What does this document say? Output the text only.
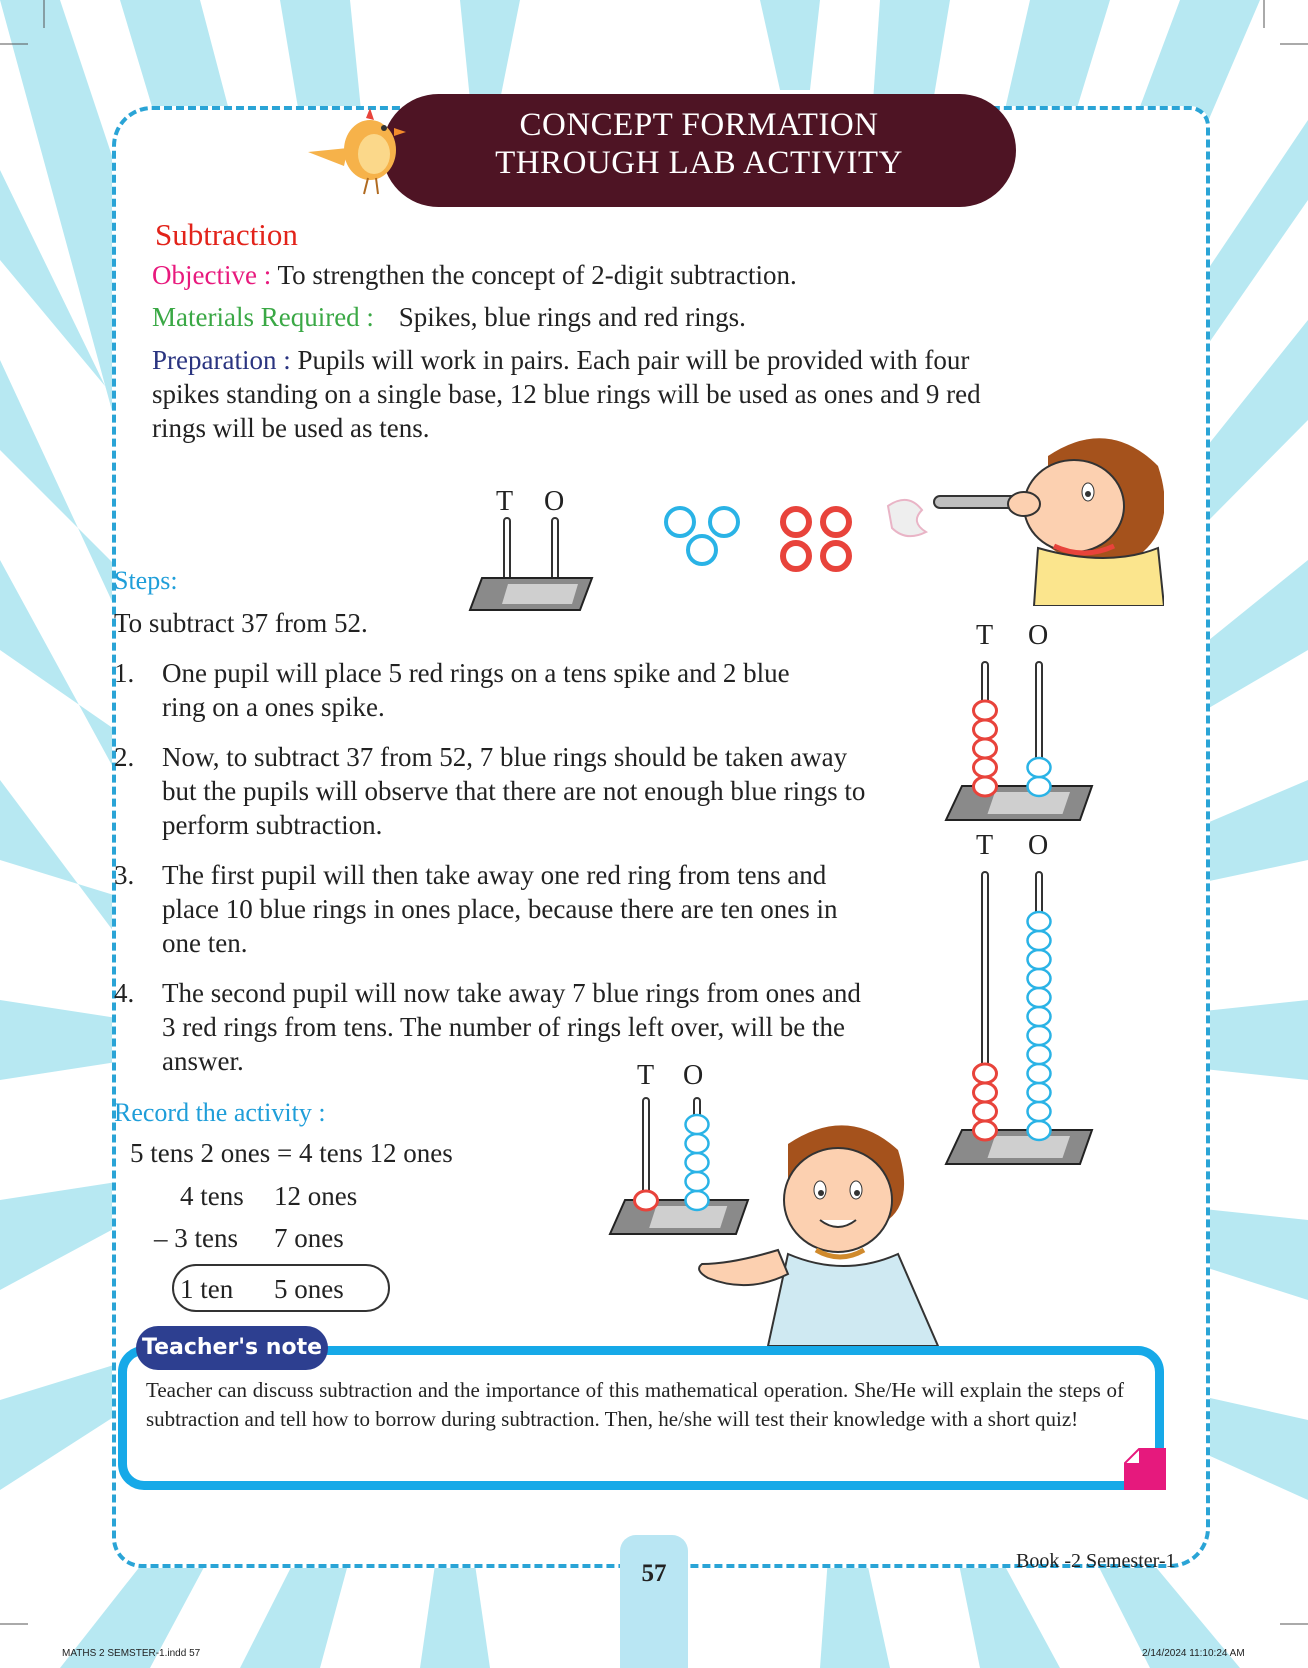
CONCEPT FORMATION
THROUGH LAB ACTIVITY
Subtraction
Objective : To strengthen the concept of 2-digit subtraction.
Materials Required : Spikes, blue rings and red rings.
Preparation : Pupils will work in pairs. Each pair will be provided with four
spikes standing on a single base, 12 blue rings will be used as ones and 9 red
rings will be used as tens.
T O
Steps:
To subtract 37 from 52.
1.	One pupil will place 5 red rings on a tens spike and 2 blue ring on a ones spike.
2.	Now, to subtract 37 from 52, 7 blue rings should be taken away but the pupils will observe that there are not enough blue rings to perform subtraction.
3.	The first pupil will then take away one red ring from tens and place 10 blue rings in ones place, because there are ten ones in one ten.
4.	The second pupil will now take away 7 blue rings from ones and 3 red rings from tens. The number of rings left over, will be the answer.
T O
T O
T O
Record the activity :
5 tens 2 ones = 4 tens 12 ones
4 tens 12 ones
– 3 tens 7 ones
1 ten 5 ones
Teacher's note
Teacher can discuss subtraction and the importance of this mathematical operation. She/He will explain the steps of subtraction and tell how to borrow during subtraction. Then, he/she will test their knowledge with a short quiz!
57	Book -2 Semester-1
MATHS 2 SEMSTER-1.indd 57	2/14/2024 11:10:24 AM
